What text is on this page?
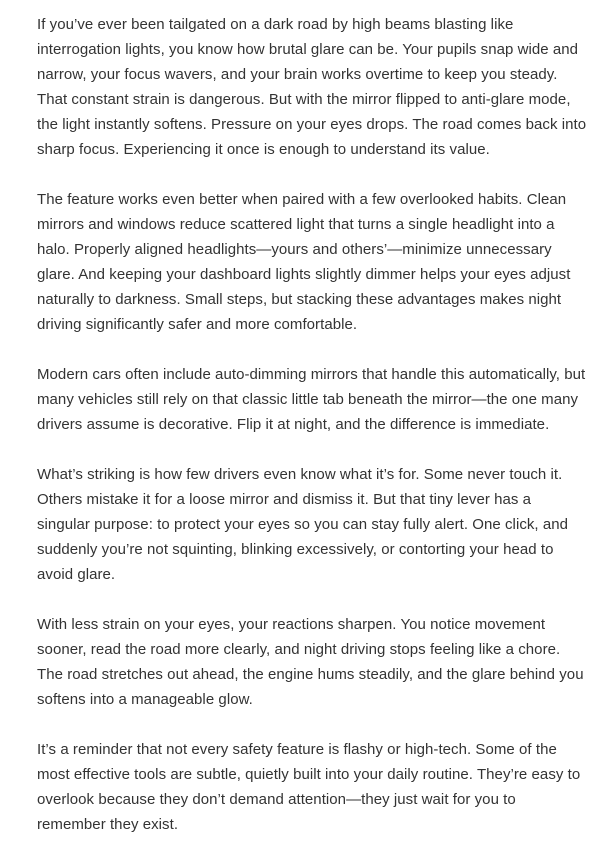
If you’ve ever been tailgated on a dark road by high beams blasting like interrogation lights, you know how brutal glare can be. Your pupils snap wide and narrow, your focus wavers, and your brain works overtime to keep you steady. That constant strain is dangerous. But with the mirror flipped to anti-glare mode, the light instantly softens. Pressure on your eyes drops. The road comes back into sharp focus. Experiencing it once is enough to understand its value.

The feature works even better when paired with a few overlooked habits. Clean mirrors and windows reduce scattered light that turns a single headlight into a halo. Properly aligned headlights—yours and others’—minimize unnecessary glare. And keeping your dashboard lights slightly dimmer helps your eyes adjust naturally to darkness. Small steps, but stacking these advantages makes night driving significantly safer and more comfortable.

Modern cars often include auto-dimming mirrors that handle this automatically, but many vehicles still rely on that classic little tab beneath the mirror—the one many drivers assume is decorative. Flip it at night, and the difference is immediate.

What’s striking is how few drivers even know what it’s for. Some never touch it. Others mistake it for a loose mirror and dismiss it. But that tiny lever has a singular purpose: to protect your eyes so you can stay fully alert. One click, and suddenly you’re not squinting, blinking excessively, or contorting your head to avoid glare.

With less strain on your eyes, your reactions sharpen. You notice movement sooner, read the road more clearly, and night driving stops feeling like a chore. The road stretches out ahead, the engine hums steadily, and the glare behind you softens into a manageable glow.

It’s a reminder that not every safety feature is flashy or high-tech. Some of the most effective tools are subtle, quietly built into your daily routine. They’re easy to overlook because they don’t demand attention—they just wait for you to remember they exist.
